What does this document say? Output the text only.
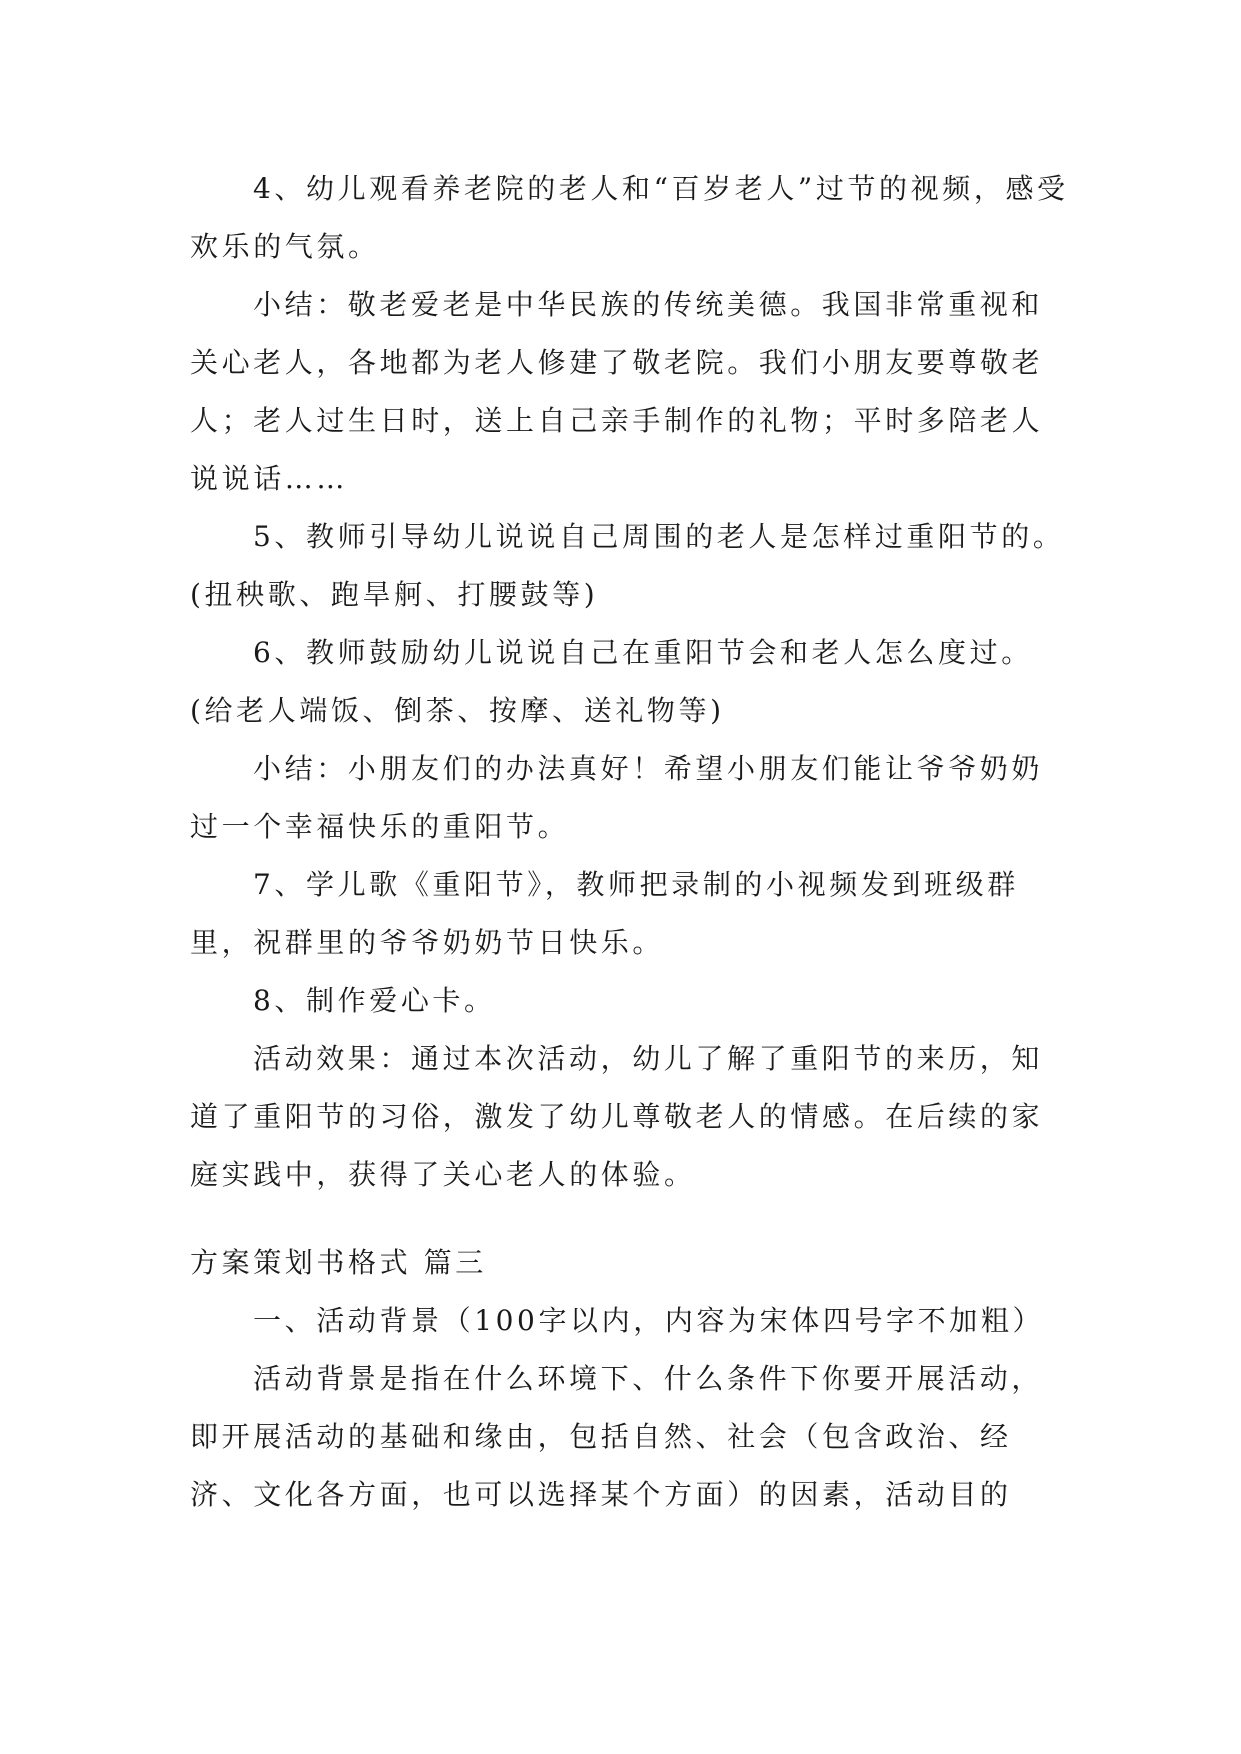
4、幼儿观看养老院的老人和“百岁老人”过节的视频，感受欢乐的气氛。

小结：敬老爱老是中华民族的传统美德。我国非常重视和关心老人，各地都为老人修建了敬老院。我们小朋友要尊敬老人；老人过生日时，送上自己亲手制作的礼物；平时多陪老人说说话……

5、教师引导幼儿说说自己周围的老人是怎样过重阳节的。(扭秧歌、跑旱舸、打腰鼓等)

6、教师鼓励幼儿说说自己在重阳节会和老人怎么度过。(给老人端饭、倒茶、按摩、送礼物等)

小结：小朋友们的办法真好！希望小朋友们能让爷爷奶奶过一个幸福快乐的重阳节。

7、学儿歌《重阳节》，教师把录制的小视频发到班级群里，祝群里的爷爷奶奶节日快乐。

8、制作爱心卡。

活动效果：通过本次活动，幼儿了解了重阳节的来历，知道了重阳节的习俗，激发了幼儿尊敬老人的情感。在后续的家庭实践中，获得了关心老人的体验。

方案策划书格式 篇三

一、活动背景（100字以内，内容为宋体四号字不加粗）

活动背景是指在什么环境下、什么条件下你要开展活动，即开展活动的基础和缘由，包括自然、社会（包含政治、经济、文化各方面，也可以选择某个方面）的因素，活动目的
